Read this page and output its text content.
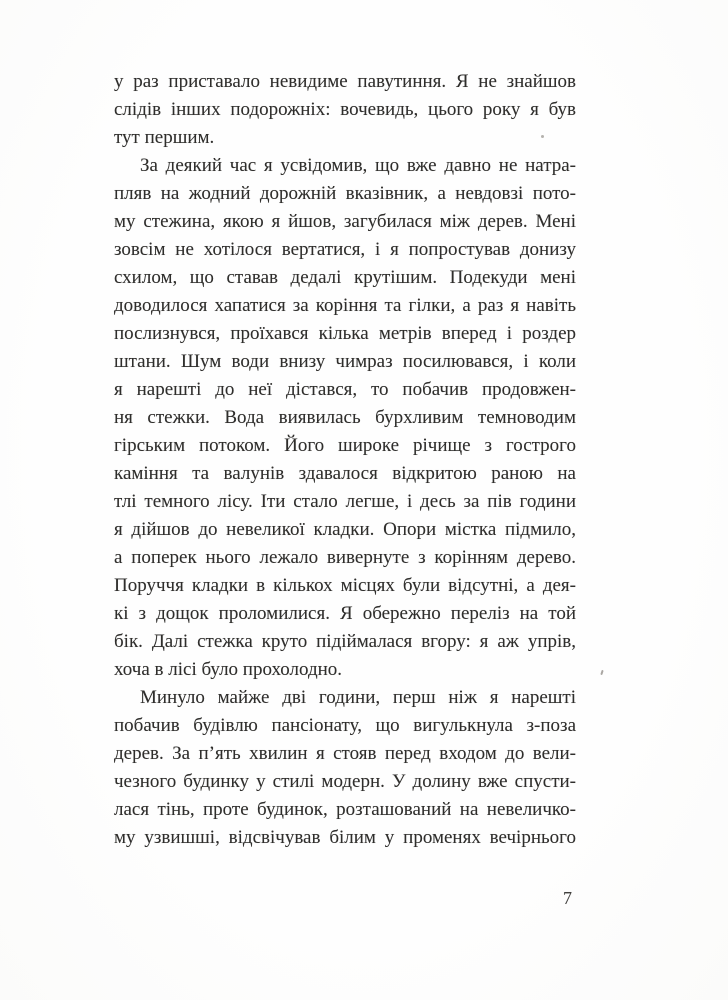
у раз приставало невидиме павутиння. Я не знайшов
слідів інших подорожніх: вочевидь, цього року я був
тут першим.
За деякий час я усвідомив, що вже давно не натра-
пляв на жодний дорожній вказівник, а невдовзі пото-
му стежина, якою я йшов, загубилася між дерев. Мені
зовсім не хотілося вертатися, і я попростував донизу
схилом, що ставав дедалі крутішим. Подекуди мені
доводилося хапатися за коріння та гілки, а раз я навіть
послизнувся, проїхався кілька метрів вперед і роздер
штани. Шум води внизу чимраз посилювався, і коли
я нарешті до неї дістався, то побачив продовжен-
ня стежки. Вода виявилась бурхливим темноводим
гірським потоком. Його широке річище з гострого
каміння та валунів здавалося відкритою раною на
тлі темного лісу. Іти стало легше, і десь за пів години
я дійшов до невеликої кладки. Опори містка підмило,
а поперек нього лежало вивернуте з корінням дерево.
Поруччя кладки в кількох місцях були відсутні, а дея-
кі з дощок проломилися. Я обережно переліз на той
бік. Далі стежка круто підіймалася вгору: я аж упрів,
хоча в лісі було прохолодно.
Минуло майже дві години, перш ніж я нарешті
побачив будівлю пансіонату, що вигулькнула з-поза
дерев. За п’ять хвилин я стояв перед входом до вели-
чезного будинку у стилі модерн. У долину вже спусти-
лася тінь, проте будинок, розташований на невеличко-
му узвишші, відсвічував білим у променях вечірнього
7
